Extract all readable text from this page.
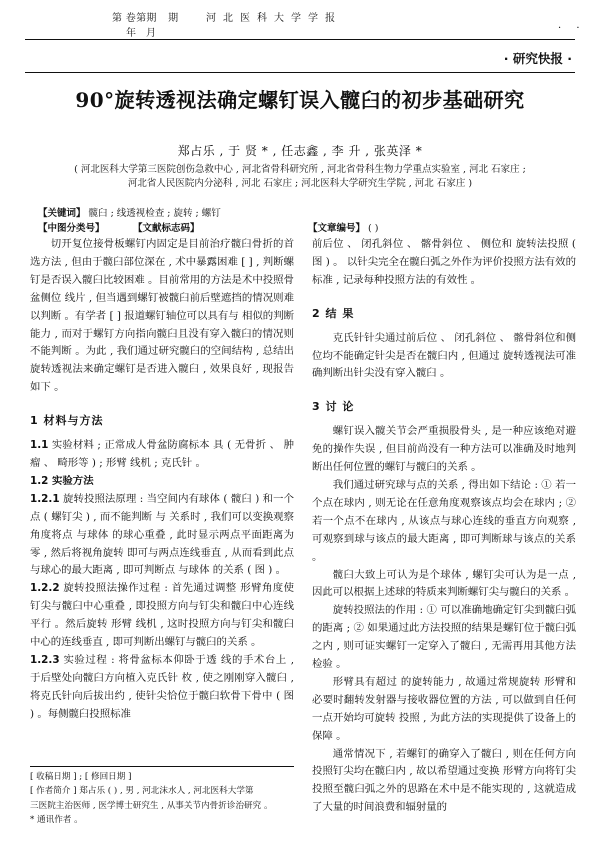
第 卷第期 期	河北医科大学学报
年月	· ·
· 研究快报 ·
90°旋转透视法确定螺钉误入髋臼的初步基础研究
郑占乐 , 于 贤 * , 任志鑫 , 李 升 , 张英泽 *
( 河北医科大学第三医院创伤急救中心 , 河北省骨科研究所 , 河北省骨科生物力学重点实验室 , 河北 石家庄 ;
河北省人民医院内分泌科 , 河北 石家庄 ; 河北医科大学研究生学院 , 河北 石家庄 )
【关键词】 髋臼 ; 线透视检查 ; 旋转 ; 螺钉
【中图分类号】	【文献标志码】	【文章编号】 ( )

切开复位接骨板螺钉内固定是目前治疗髋臼骨折的首选方法 , 但由于髋臼部位深在 , 术中暴露困难 [ ] , 判断螺钉是否误入髋臼比较困难 。目前常用的方法是术中投照骨盆侧位 线片 , 但当遇到螺钉被髋臼前后壁遮挡的情况则难以判断 。有学者 [ ] 报道螺钉轴位可以具有与 相似的判断能力 , 而对于螺钉方向指向髋臼且没有穿入髋臼的情况则不能判断 。为此 , 我们通过研究髋臼的空间结构 , 总结出 旋转透视法来确定螺钉是否进入髋臼 , 效果良好 , 现报告如下 。

1 材料与方法

1.1 实验材料 ; 正常成人骨盆防腐标本 具 ( 无骨折 、 肿瘤 、 畸形等 ) ; 形臂 线机 ; 克氏针 。

1.2 实验方法

1.2.1 旋转投照法原理 : 当空间内有球体 ( 髋臼 ) 和一个点 ( 螺钉尖 ) , 而不能判断 与 关系时 , 我们可以变换观察角度将点 与球体 的球心重叠 , 此时显示两点平面距离为零 , 然后将视角旋转 即可与两点连线垂直 , 从而看到此点与球心的最大距离 , 即可判断点 与球体 的关系 ( 图 ) 。

1.2.2 旋转投照法操作过程 : 首先通过调整 形臂角度使钉尖与髋臼中心重叠 , 即投照方向与钉尖和髋臼中心连线平行 。然后旋转 形臂 线机 , 这时投照方向与钉尖和髋臼中心的连线垂直 , 即可判断出螺钉与髋臼的关系 。

1.2.3 实验过程 : 将骨盆标本仰卧于透 线的手术台上 , 于后壁处向髋臼方向植入克氏针 枚 , 使之刚刚穿入髋臼 , 将克氏针向后拔出约 , 使针尖恰位于髋臼软骨下骨中 ( 图 ) 。每侧髋臼投照标准

前后位 、 闭孔斜位 、 髂骨斜位 、 侧位和 旋转法投照 ( 图 ) 。 以针尖完全在髋臼弧之外作为评价投照方法有效的标准 , 记录每种投照方法的有效性 。

2 结 果

克氏针针尖通过前后位 、 闭孔斜位 、 髂骨斜位和侧位均不能确定针尖是否在髋臼内 , 但通过 旋转透视法可准确判断出针尖没有穿入髋臼 。

3 讨 论

螺钉误入髋关节会严重损股骨头 , 是一种应该绝对避免的操作失误 , 但目前尚没有一种方法可以准确及时地判断出任何位置的螺钉与髋臼的关系 。

我们通过研究球与点的关系 , 得出如下结论 : ① 若一个点在球内 , 则无论在任意角度观察该点均会在球内 ; ② 若一个点不在球内 , 从该点与球心连线的垂直方向观察 , 可观察到球与该点的最大距离 , 即可判断球与该点的关系 。

髋臼大致上可认为是个球体 , 螺钉尖可认为是一点 , 因此可以根据上述球的特质来判断螺钉尖与髋臼的关系 。

旋转投照法的作用 : ① 可以准确地确定钉尖到髋臼弧的距离 ; ② 如果通过此方法投照的结果是螺钉位于髋臼弧之内 , 则可证实螺钉一定穿入了髋臼 , 无需再用其他方法检验 。

形臂具有超过 的旋转能力 , 故通过常规旋转 形臂和必要时翻转发射器与接收器位置的方法 , 可以做到自任何一点开始均可旋转 投照 , 为此方法的实现提供了设备上的保障 。

通常情况下 , 若螺钉的确穿入了髋臼 , 则在任何方向投照钉尖均在髋臼内 , 故以希望通过变换 形臂方向将钉尖投照至髋臼弧之外的思路在术中是不能实现的 , 这就造成了大量的时间浪费和辐射量的

[ 收稿日期 ] ; [ 修回日期 ]
[ 作者简介 ] 郑占乐 ( ) , 男 , 河北沫水人 , 河北医科大学第
三医院主治医师 , 医学博士研究生 , 从事关节内骨折诊治研究 。
* 通讯作者 。
